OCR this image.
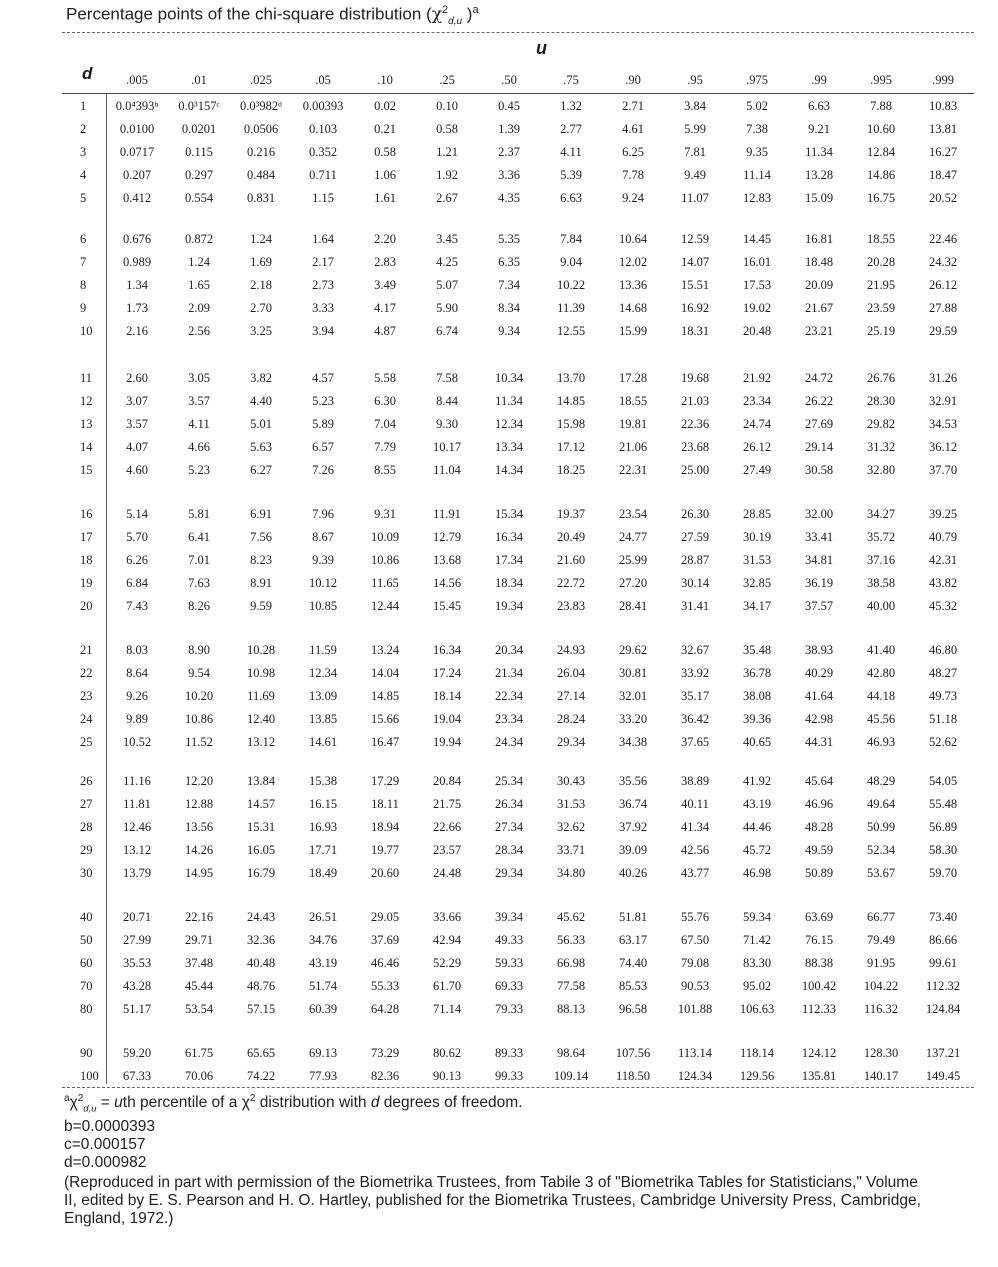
Percentage points of the chi-square distribution ($\chi^2_{d,u}$ )$^a$
u
d
		.005	.01	.025	.05	.10	.25	.50	.75	.90	.95	.975	.99	.995	.999
1	0.0⁴393ᵇ	0.0³157ᶜ	0.0³982ᵈ	0.00393	0.02	0.10	0.45	1.32	2.71	3.84	5.02	6.63	7.88	10.83
2	0.0100	0.0201	0.0506	0.103	0.21	0.58	1.39	2.77	4.61	5.99	7.38	9.21	10.60	13.81
3	0.0717	0.115	0.216	0.352	0.58	1.21	2.37	4.11	6.25	7.81	9.35	11.34	12.84	16.27
4	0.207	0.297	0.484	0.711	1.06	1.92	3.36	5.39	7.78	9.49	11.14	13.28	14.86	18.47
5	0.412	0.554	0.831	1.15	1.61	2.67	4.35	6.63	9.24	11.07	12.83	15.09	16.75	20.52
6	0.676	0.872	1.24	1.64	2.20	3.45	5.35	7.84	10.64	12.59	14.45	16.81	18.55	22.46
7	0.989	1.24	1.69	2.17	2.83	4.25	6.35	9.04	12.02	14.07	16.01	18.48	20.28	24.32
8	1.34	1.65	2.18	2.73	3.49	5.07	7.34	10.22	13.36	15.51	17.53	20.09	21.95	26.12
9	1.73	2.09	2.70	3.33	4.17	5.90	8.34	11.39	14.68	16.92	19.02	21.67	23.59	27.88
10	2.16	2.56	3.25	3.94	4.87	6.74	9.34	12.55	15.99	18.31	20.48	23.21	25.19	29.59
11	2.60	3.05	3.82	4.57	5.58	7.58	10.34	13.70	17.28	19.68	21.92	24.72	26.76	31.26
12	3.07	3.57	4.40	5.23	6.30	8.44	11.34	14.85	18.55	21.03	23.34	26.22	28.30	32.91
13	3.57	4.11	5.01	5.89	7.04	9.30	12.34	15.98	19.81	22.36	24.74	27.69	29.82	34.53
14	4.07	4.66	5.63	6.57	7.79	10.17	13.34	17.12	21.06	23.68	26.12	29.14	31.32	36.12
15	4.60	5.23	6.27	7.26	8.55	11.04	14.34	18.25	22.31	25.00	27.49	30.58	32.80	37.70
16	5.14	5.81	6.91	7.96	9.31	11.91	15.34	19.37	23.54	26.30	28.85	32.00	34.27	39.25
17	5.70	6.41	7.56	8.67	10.09	12.79	16.34	20.49	24.77	27.59	30.19	33.41	35.72	40.79
18	6.26	7.01	8.23	9.39	10.86	13.68	17.34	21.60	25.99	28.87	31.53	34.81	37.16	42.31
19	6.84	7.63	8.91	10.12	11.65	14.56	18.34	22.72	27.20	30.14	32.85	36.19	38.58	43.82
20	7.43	8.26	9.59	10.85	12.44	15.45	19.34	23.83	28.41	31.41	34.17	37.57	40.00	45.32
21	8.03	8.90	10.28	11.59	13.24	16.34	20.34	24.93	29.62	32.67	35.48	38.93	41.40	46.80
22	8.64	9.54	10.98	12.34	14.04	17.24	21.34	26.04	30.81	33.92	36.78	40.29	42.80	48.27
23	9.26	10.20	11.69	13.09	14.85	18.14	22.34	27.14	32.01	35.17	38.08	41.64	44.18	49.73
24	9.89	10.86	12.40	13.85	15.66	19.04	23.34	28.24	33.20	36.42	39.36	42.98	45.56	51.18
25	10.52	11.52	13.12	14.61	16.47	19.94	24.34	29.34	34.38	37.65	40.65	44.31	46.93	52.62
26	11.16	12.20	13.84	15.38	17.29	20.84	25.34	30.43	35.56	38.89	41.92	45.64	48.29	54.05
27	11.81	12.88	14.57	16.15	18.11	21.75	26.34	31.53	36.74	40.11	43.19	46.96	49.64	55.48
28	12.46	13.56	15.31	16.93	18.94	22.66	27.34	32.62	37.92	41.34	44.46	48.28	50.99	56.89
29	13.12	14.26	16.05	17.71	19.77	23.57	28.34	33.71	39.09	42.56	45.72	49.59	52.34	58.30
30	13.79	14.95	16.79	18.49	20.60	24.48	29.34	34.80	40.26	43.77	46.98	50.89	53.67	59.70
40	20.71	22.16	24.43	26.51	29.05	33.66	39.34	45.62	51.81	55.76	59.34	63.69	66.77	73.40
50	27.99	29.71	32.36	34.76	37.69	42.94	49.33	56.33	63.17	67.50	71.42	76.15	79.49	86.66
60	35.53	37.48	40.48	43.19	46.46	52.29	59.33	66.98	74.40	79.08	83.30	88.38	91.95	99.61
70	43.28	45.44	48.76	51.74	55.33	61.70	69.33	77.58	85.53	90.53	95.02	100.42	104.22	112.32
80	51.17	53.54	57.15	60.39	64.28	71.14	79.33	88.13	96.58	101.88	106.63	112.33	116.32	124.84
90	59.20	61.75	65.65	69.13	73.29	80.62	89.33	98.64	107.56	113.14	118.14	124.12	128.30	137.21
100	67.33	70.06	74.22	77.93	82.36	90.13	99.33	109.14	118.50	124.34	129.56	135.81	140.17	149.45

$^a\chi^2_{d,u}$ = uth percentile of a $\chi^2$ distribution with d degrees of freedom.

b=0.0000393

c=0.000157

d=0.000982

(Reproduced in part with permission of the Biometrika Trustees, from Tabile 3 of "Biometrika Tables for Statisticians," Volume II, edited by E. S. Pearson and H. O. Hartley, published for the Biometrika Trustees, Cambridge University Press, Cambridge, England, 1972.)
